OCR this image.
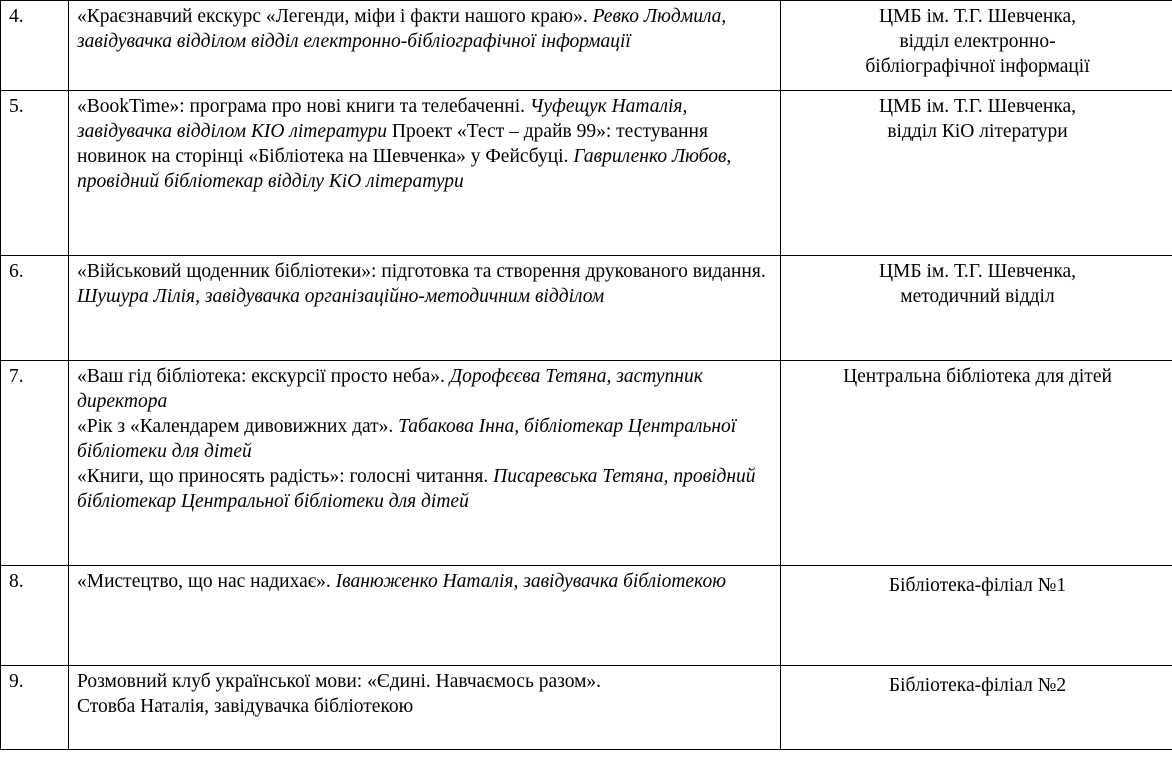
4.	«Краєзнавчий екскурс «Легенди, міфи і факти нашого краю». Ревко Людмила, завідувачка відділом відділ електронно-бібліографічної інформації	ЦМБ ім. Т.Г. Шевченка,
відділ електронно-
бібліографічної інформації

5.	«BookTime»: програма про нові книги та телебаченні. Чуфещук Наталія, завідувачка відділом КІО літератури Проект «Тест – драйв 99»: тестування новинок на сторінці «Бібліотека на Шевченка» у Фейсбуці. Гавриленко Любов, провідний бібліотекар відділу КіО літератури	ЦМБ ім. Т.Г. Шевченка,
відділ КіО літератури

6.	«Військовий щоденник бібліотеки»: підготовка та створення друкованого видання. Шушура Лілія, завідувачка організаційно-методичним відділом	ЦМБ ім. Т.Г. Шевченка,
методичний відділ

7.	«Ваш гід бібліотека: екскурсії просто неба». Дорофєєва Тетяна, заступник директора
«Рік з «Календарем дивовижних дат». Табакова Інна, бібліотекар Центральної бібліотеки для дітей
«Книги, що приносять радість»: голосні читання. Писаревська Тетяна, провідний бібліотекар Центральної бібліотеки для дітей	Центральна бібліотека для дітей

8.	«Мистецтво, що нас надихає». Іванюженко Наталія, завідувачка бібліотекою	Бібліотека-філіал №1

9.	Розмовний клуб української мови: «Єдині. Навчаємось разом».
Стовба Наталія, завідувачка бібліотекою	Бібліотека-філіал №2
